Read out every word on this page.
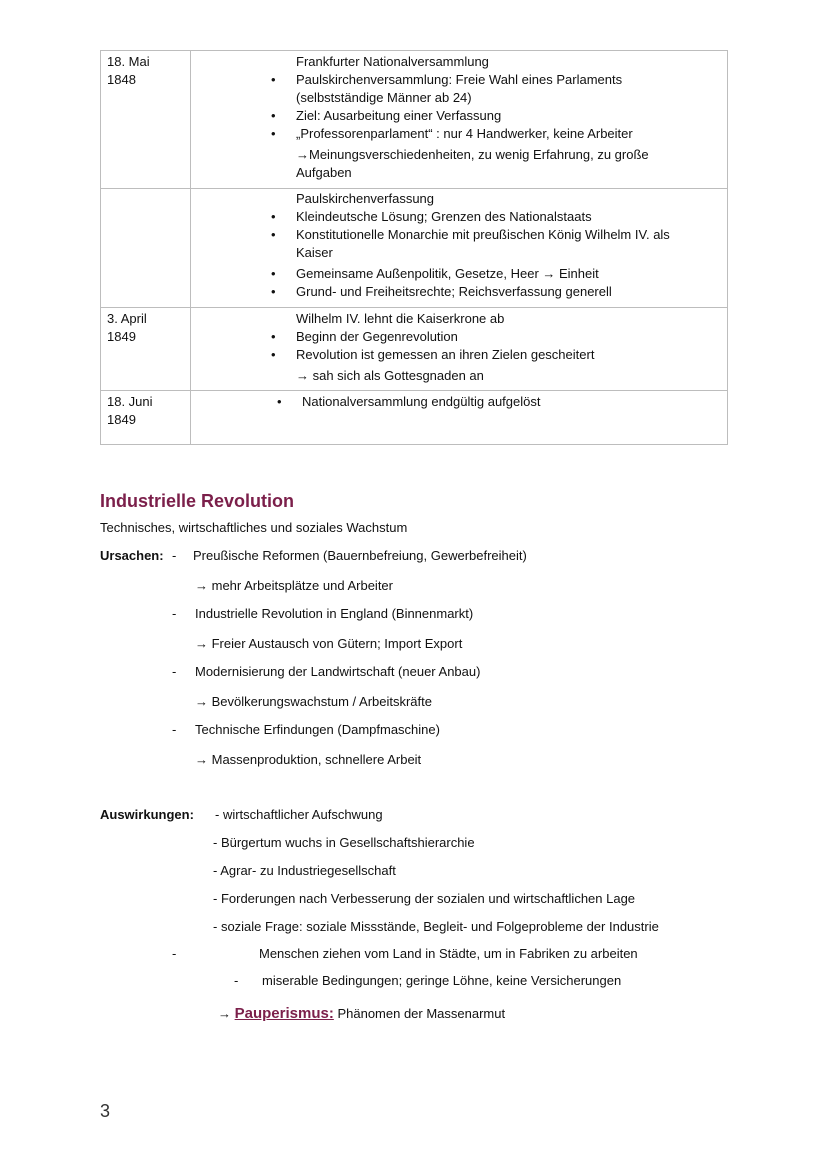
18. Mai
1848
Frankfurter Nationalversammlung
• Paulskirchenversammlung: Freie Wahl eines Parlaments
(selbstständige Männer ab 24)
• Ziel: Ausarbeitung einer Verfassung
• „Professorenparlament“ : nur 4 Handwerker, keine Arbeiter
→Meinungsverschiedenheiten, zu wenig Erfahrung, zu große
Aufgaben
Paulskirchenverfassung
• Kleindeutsche Lösung; Grenzen des Nationalstaats
• Konstitutionelle Monarchie mit preußischen König Wilhelm IV. als
Kaiser
• Gemeinsame Außenpolitik, Gesetze, Heer → Einheit
• Grund- und Freiheitsrechte; Reichsverfassung generell
3. April
1849
Wilhelm IV. lehnt die Kaiserkrone ab
• Beginn der Gegenrevolution
• Revolution ist gemessen an ihren Zielen gescheitert
→ sah sich als Gottesgnaden an
18. Juni
1849
• Nationalversammlung endgültig aufgelöst
Industrielle Revolution
Technisches, wirtschaftliches und soziales Wachstum
Ursachen: - Preußische Reformen (Bauernbefreiung, Gewerbefreiheit)
→ mehr Arbeitsplätze und Arbeiter
- Industrielle Revolution in England (Binnenmarkt)
→ Freier Austausch von Gütern; Import Export
- Modernisierung der Landwirtschaft (neuer Anbau)
→ Bevölkerungswachstum / Arbeitskräfte
- Technische Erfindungen (Dampfmaschine)
→ Massenproduktion, schnellere Arbeit
Auswirkungen: - wirtschaftlicher Aufschwung
- Bürgertum wuchs in Gesellschaftshierarchie
- Agrar- zu Industriegesellschaft
- Forderungen nach Verbesserung der sozialen und wirtschaftlichen Lage
- soziale Frage: soziale Missstände, Begleit- und Folgeprobleme der Industrie
-	Menschen ziehen vom Land in Städte, um in Fabriken zu arbeiten
- miserable Bedingungen; geringe Löhne, keine Versicherungen
→ Pauperismus: Phänomen der Massenarmut
3
